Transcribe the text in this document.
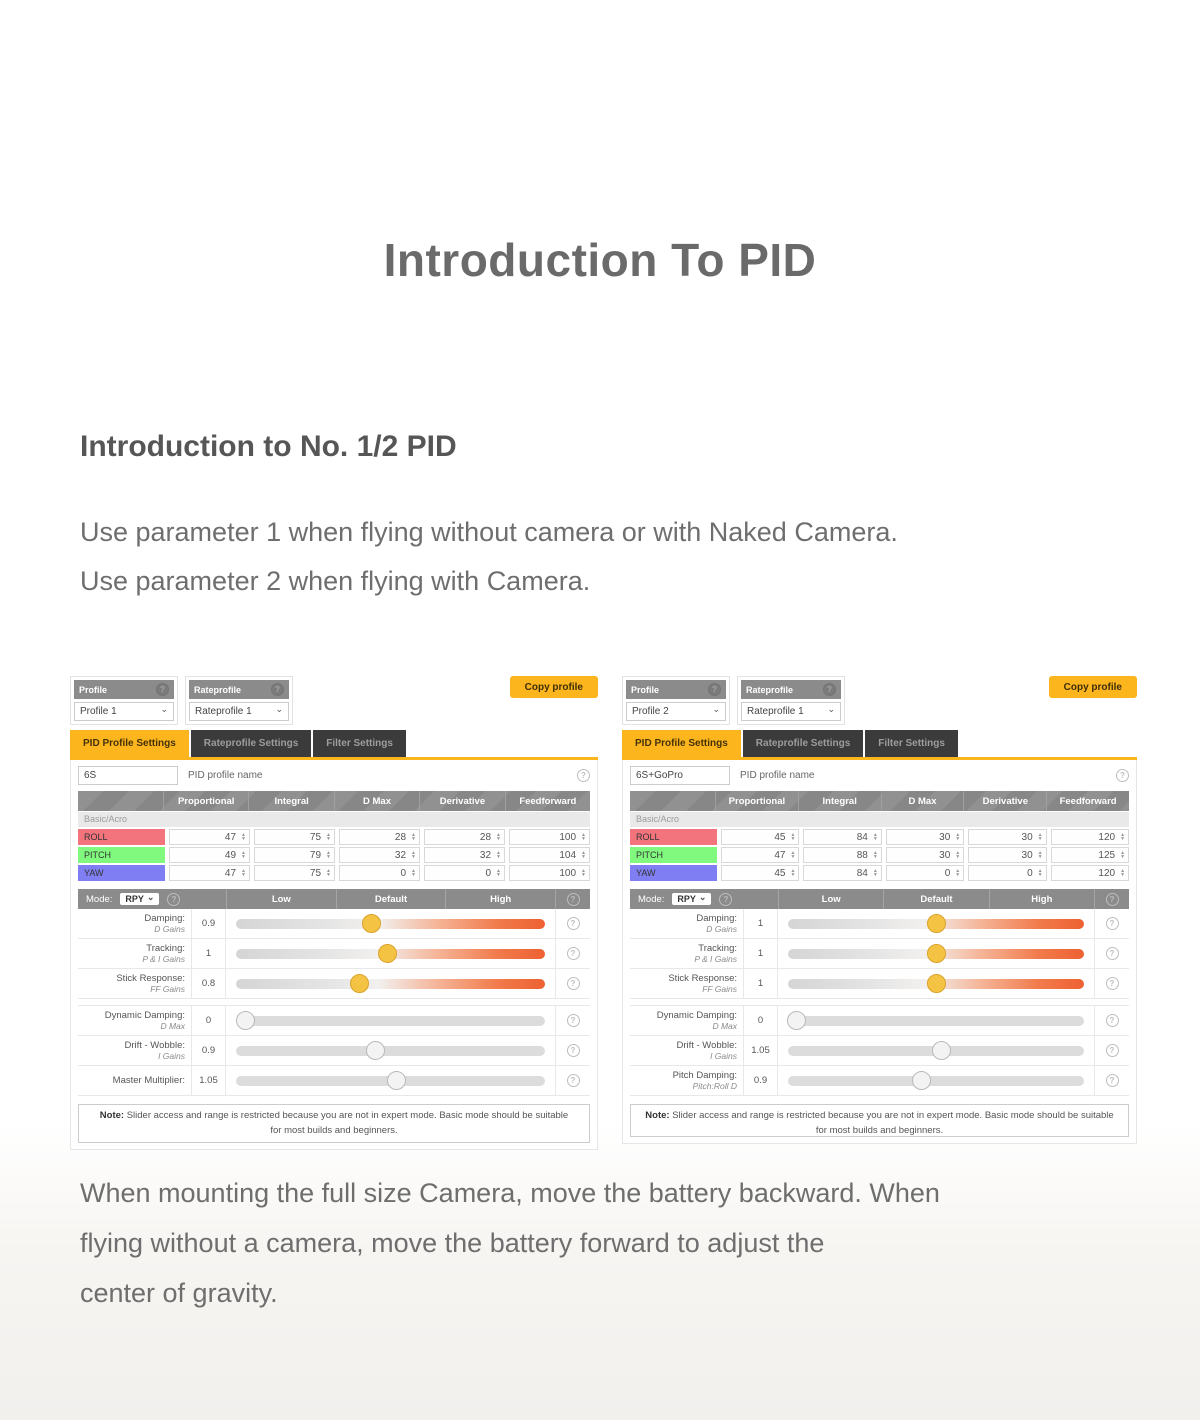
Introduction To PID
Introduction to No. 1/2 PID
Use parameter 1 when flying without camera or with Naked Camera.
Use parameter 2 when flying with Camera.
Profile
?
Profile 1
⌄
Rateprofile
?
Rateprofile 1
⌄
Copy profile
PID Profile Settings	Rateprofile Settings	Filter Settings
6S
PID profile name
?
Proportional	Integral	D Max	Derivative	Feedforward
Basic/Acro
ROLL	47 ▲ ▼	75 ▲ ▼	28 ▲ ▼	28 ▲ ▼	100
▲ ▼
PITCH	49 ▲ ▼	79 ▲ ▼	32 ▲ ▼	32 ▲ ▼	104
▲ ▼
YAW	47 ▲ ▼	75 ▲ ▼	0 ▲ ▼	0 ▲ ▼	100
▲ ▼
Mode: RPY ⌄ ?	Low	Default	High
?
Damping:
D Gains	0.9
?
Tracking:
P & I Gains	1
?
Stick Response:
FF Gains	0.8
?
Dynamic Damping:
D Max	0
?
Drift - Wobble:
I Gains	0.9
?
Master Multiplier:	1.05
?
Note: Slider access and range is restricted because you are not in expert mode. Basic mode should be suitable for most builds and beginners.
Profile
?
Profile 2
⌄
Rateprofile
?
Rateprofile 1
⌄
Copy profile
PID Profile Settings	Rateprofile Settings	Filter Settings
6S+GoPro
PID profile name
?
Proportional	Integral	D Max	Derivative	Feedforward
Basic/Acro
ROLL	45 ▲ ▼	84 ▲ ▼	30 ▲ ▼	30 ▲ ▼	120
▲ ▼
PITCH	47 ▲ ▼	88 ▲ ▼	30 ▲ ▼	30 ▲ ▼	125
▲ ▼
YAW	45 ▲ ▼	84 ▲ ▼	0 ▲ ▼	0 ▲ ▼	120
▲ ▼
Mode: RPY ⌄ ?	Low	Default	High
?
Damping:
D Gains	1
?
Tracking:
P & I Gains	1
?
Stick Response:
FF Gains	1
?
Dynamic Damping:
D Max	0
?
Drift - Wobble:
I Gains	1.05
?
Pitch Damping:
Pitch:Roll D	0.9
?
Note: Slider access and range is restricted because you are not in expert mode. Basic mode should be suitable for most builds and beginners.
When mounting the full size Camera, move the battery backward. When
flying without a camera, move the battery forward to adjust the
center of gravity.
